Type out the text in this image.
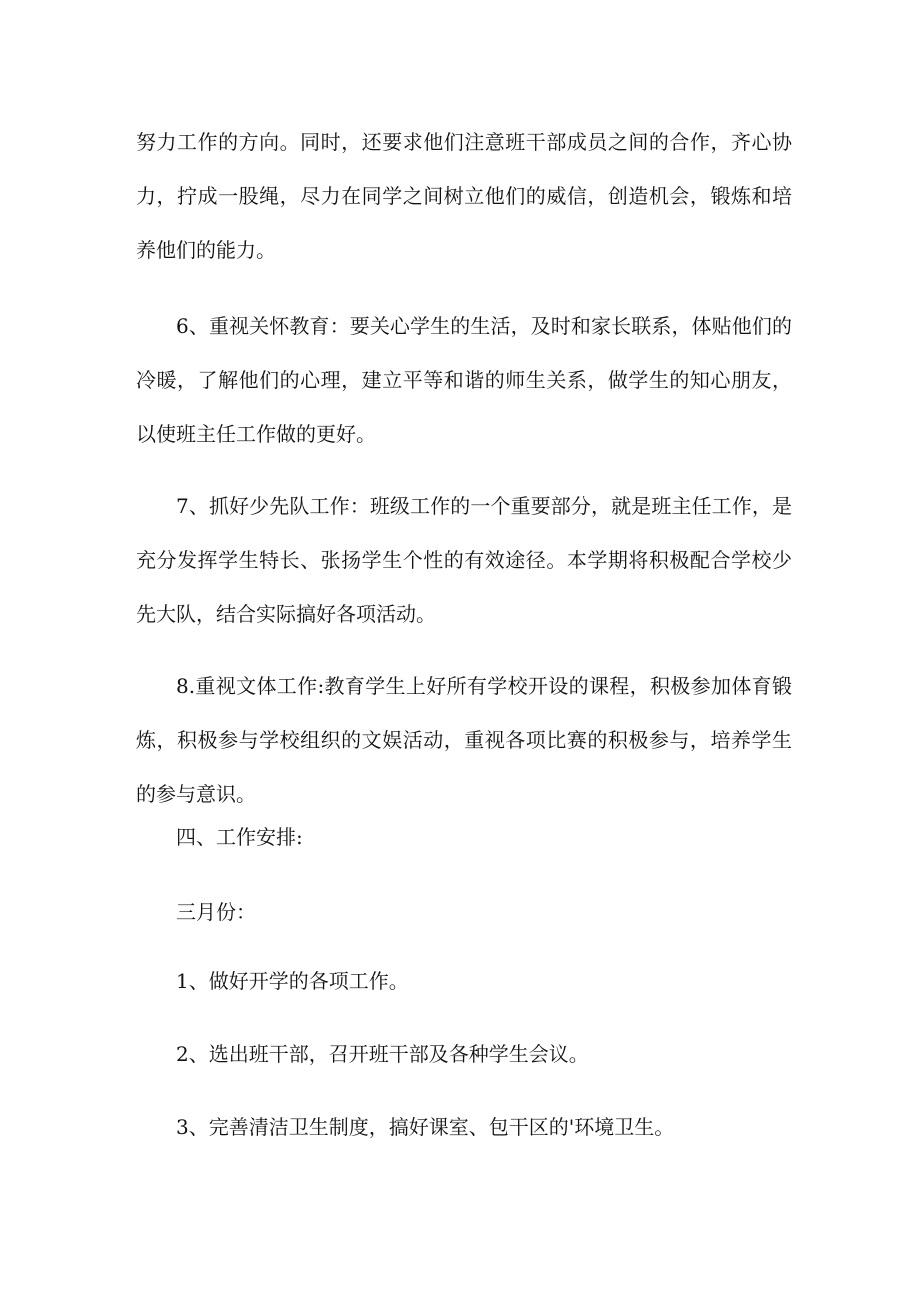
努力工作的方向。同时，还要求他们注意班干部成员之间的合作，齐心协力，拧成一股绳，尽力在同学之间树立他们的威信，创造机会，锻炼和培养他们的能力。

6、重视关怀教育：要关心学生的生活，及时和家长联系，体贴他们的冷暖，了解他们的心理，建立平等和谐的师生关系，做学生的知心朋友，以使班主任工作做的更好。

7、抓好少先队工作：班级工作的一个重要部分，就是班主任工作，是充分发挥学生特长、张扬学生个性的有效途径。本学期将积极配合学校少先大队，结合实际搞好各项活动。

8.重视文体工作:教育学生上好所有学校开设的课程，积极参加体育锻炼，积极参与学校组织的文娱活动，重视各项比赛的积极参与，培养学生的参与意识。

四、工作安排:

三月份：

1、做好开学的各项工作。

2、选出班干部，召开班干部及各种学生会议。

3、完善清洁卫生制度，搞好课室、包干区的'环境卫生。
